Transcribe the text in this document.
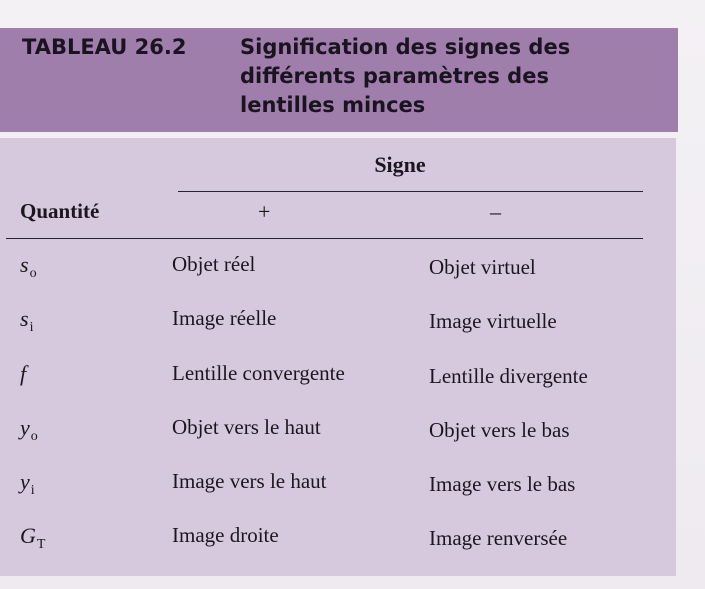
TABLEAU 26.2	Signification des signes des
différents paramètres des
lentilles minces
Signe
Quantité	+	–
$s_o$	Objet réel	Objet virtuel
$s_i$	Image réelle	Image virtuelle
f	Lentille convergente	Lentille divergente
$y_o$	Objet vers le haut	Objet vers le bas
$y_i$	Image vers le haut	Image vers le bas
$G_T$	Image droite	Image renversée
